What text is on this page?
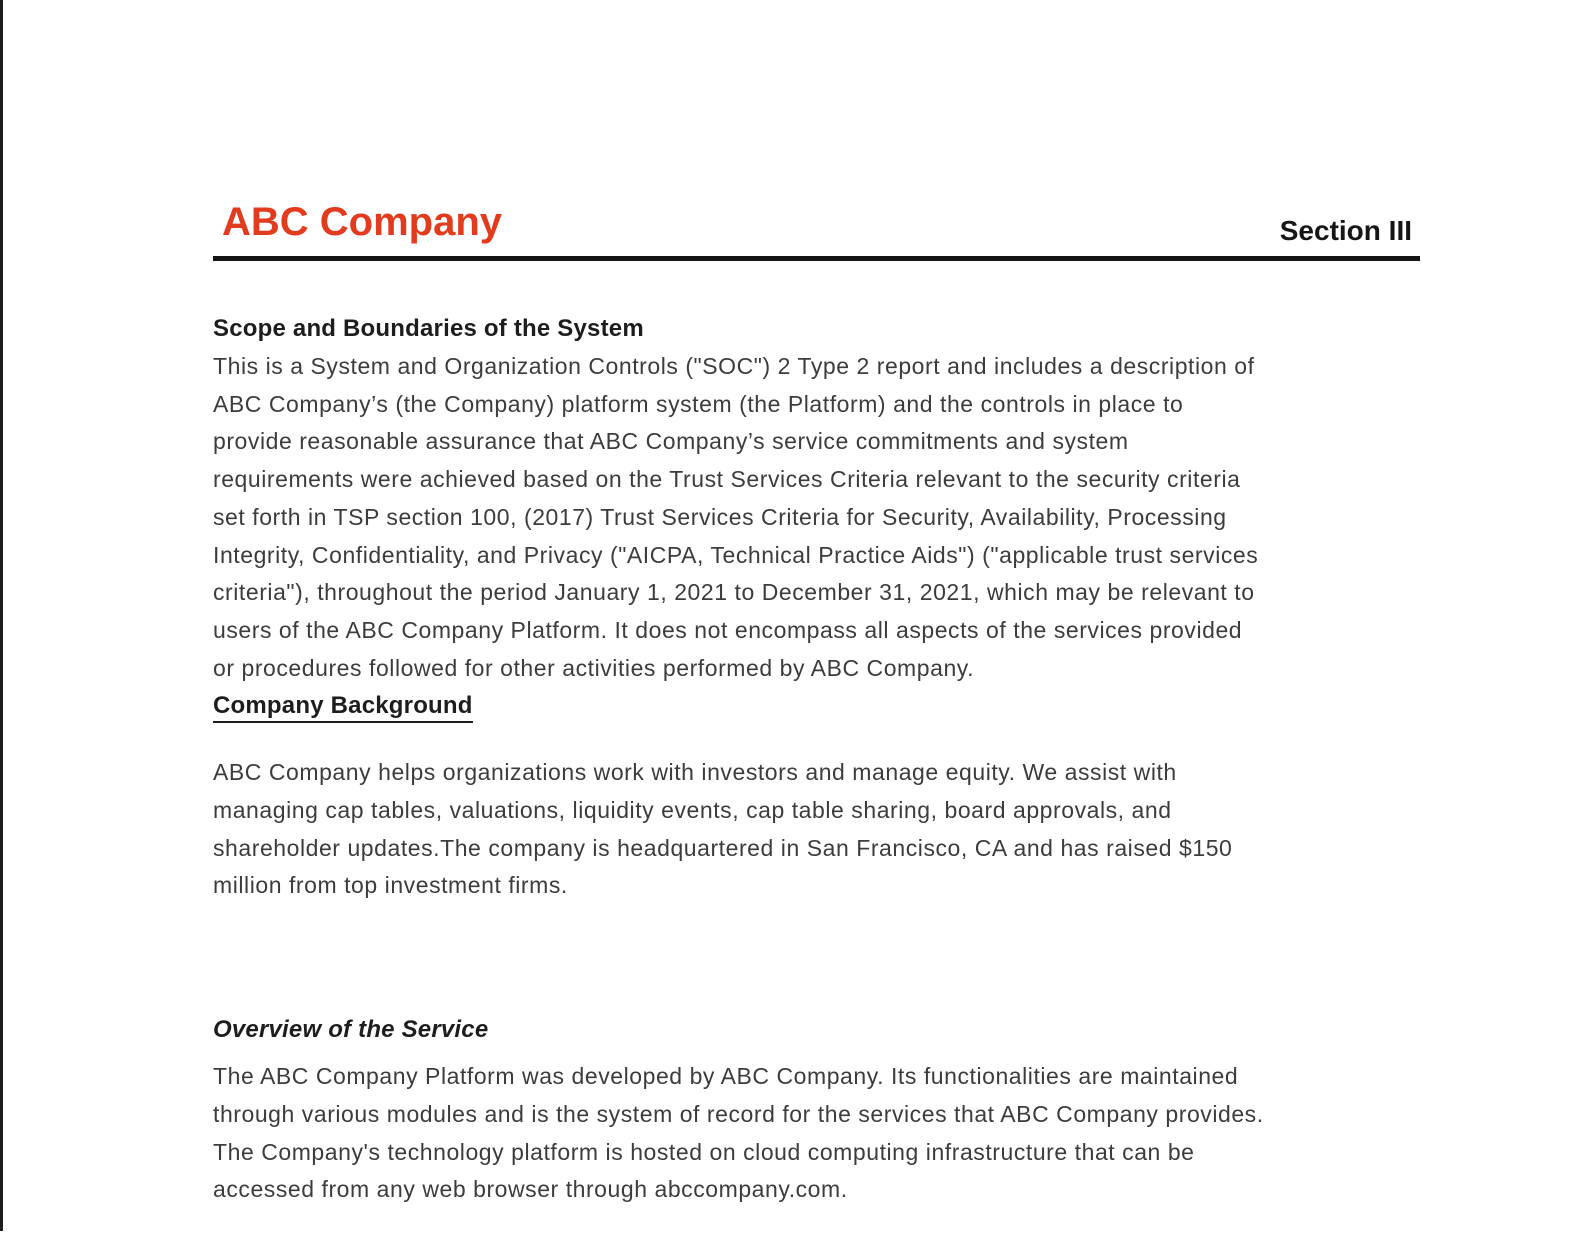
ABC Company	Section III
Scope and Boundaries of the System
This is a System and Organization Controls ("SOC") 2 Type 2 report and includes a description of
ABC Company’s (the Company) platform system (the Platform) and the controls in place to
provide reasonable assurance that ABC Company’s service commitments and system
requirements were achieved based on the Trust Services Criteria relevant to the security criteria
set forth in TSP section 100, (2017) Trust Services Criteria for Security, Availability, Processing
Integrity, Confidentiality, and Privacy ("AICPA, Technical Practice Aids") ("applicable trust services
criteria"), throughout the period January 1, 2021 to December 31, 2021, which may be relevant to
users of the ABC Company Platform. It does not encompass all aspects of the services provided
or procedures followed for other activities performed by ABC Company.
Company Background
ABC Company helps organizations work with investors and manage equity. We assist with
managing cap tables, valuations, liquidity events, cap table sharing, board approvals, and
shareholder updates.The company is headquartered in San Francisco, CA and has raised $150
million from top investment firms.
Overview of the Service
The ABC Company Platform was developed by ABC Company. Its functionalities are maintained
through various modules and is the system of record for the services that ABC Company provides.
The Company's technology platform is hosted on cloud computing infrastructure that can be
accessed from any web browser through abccompany.com.
